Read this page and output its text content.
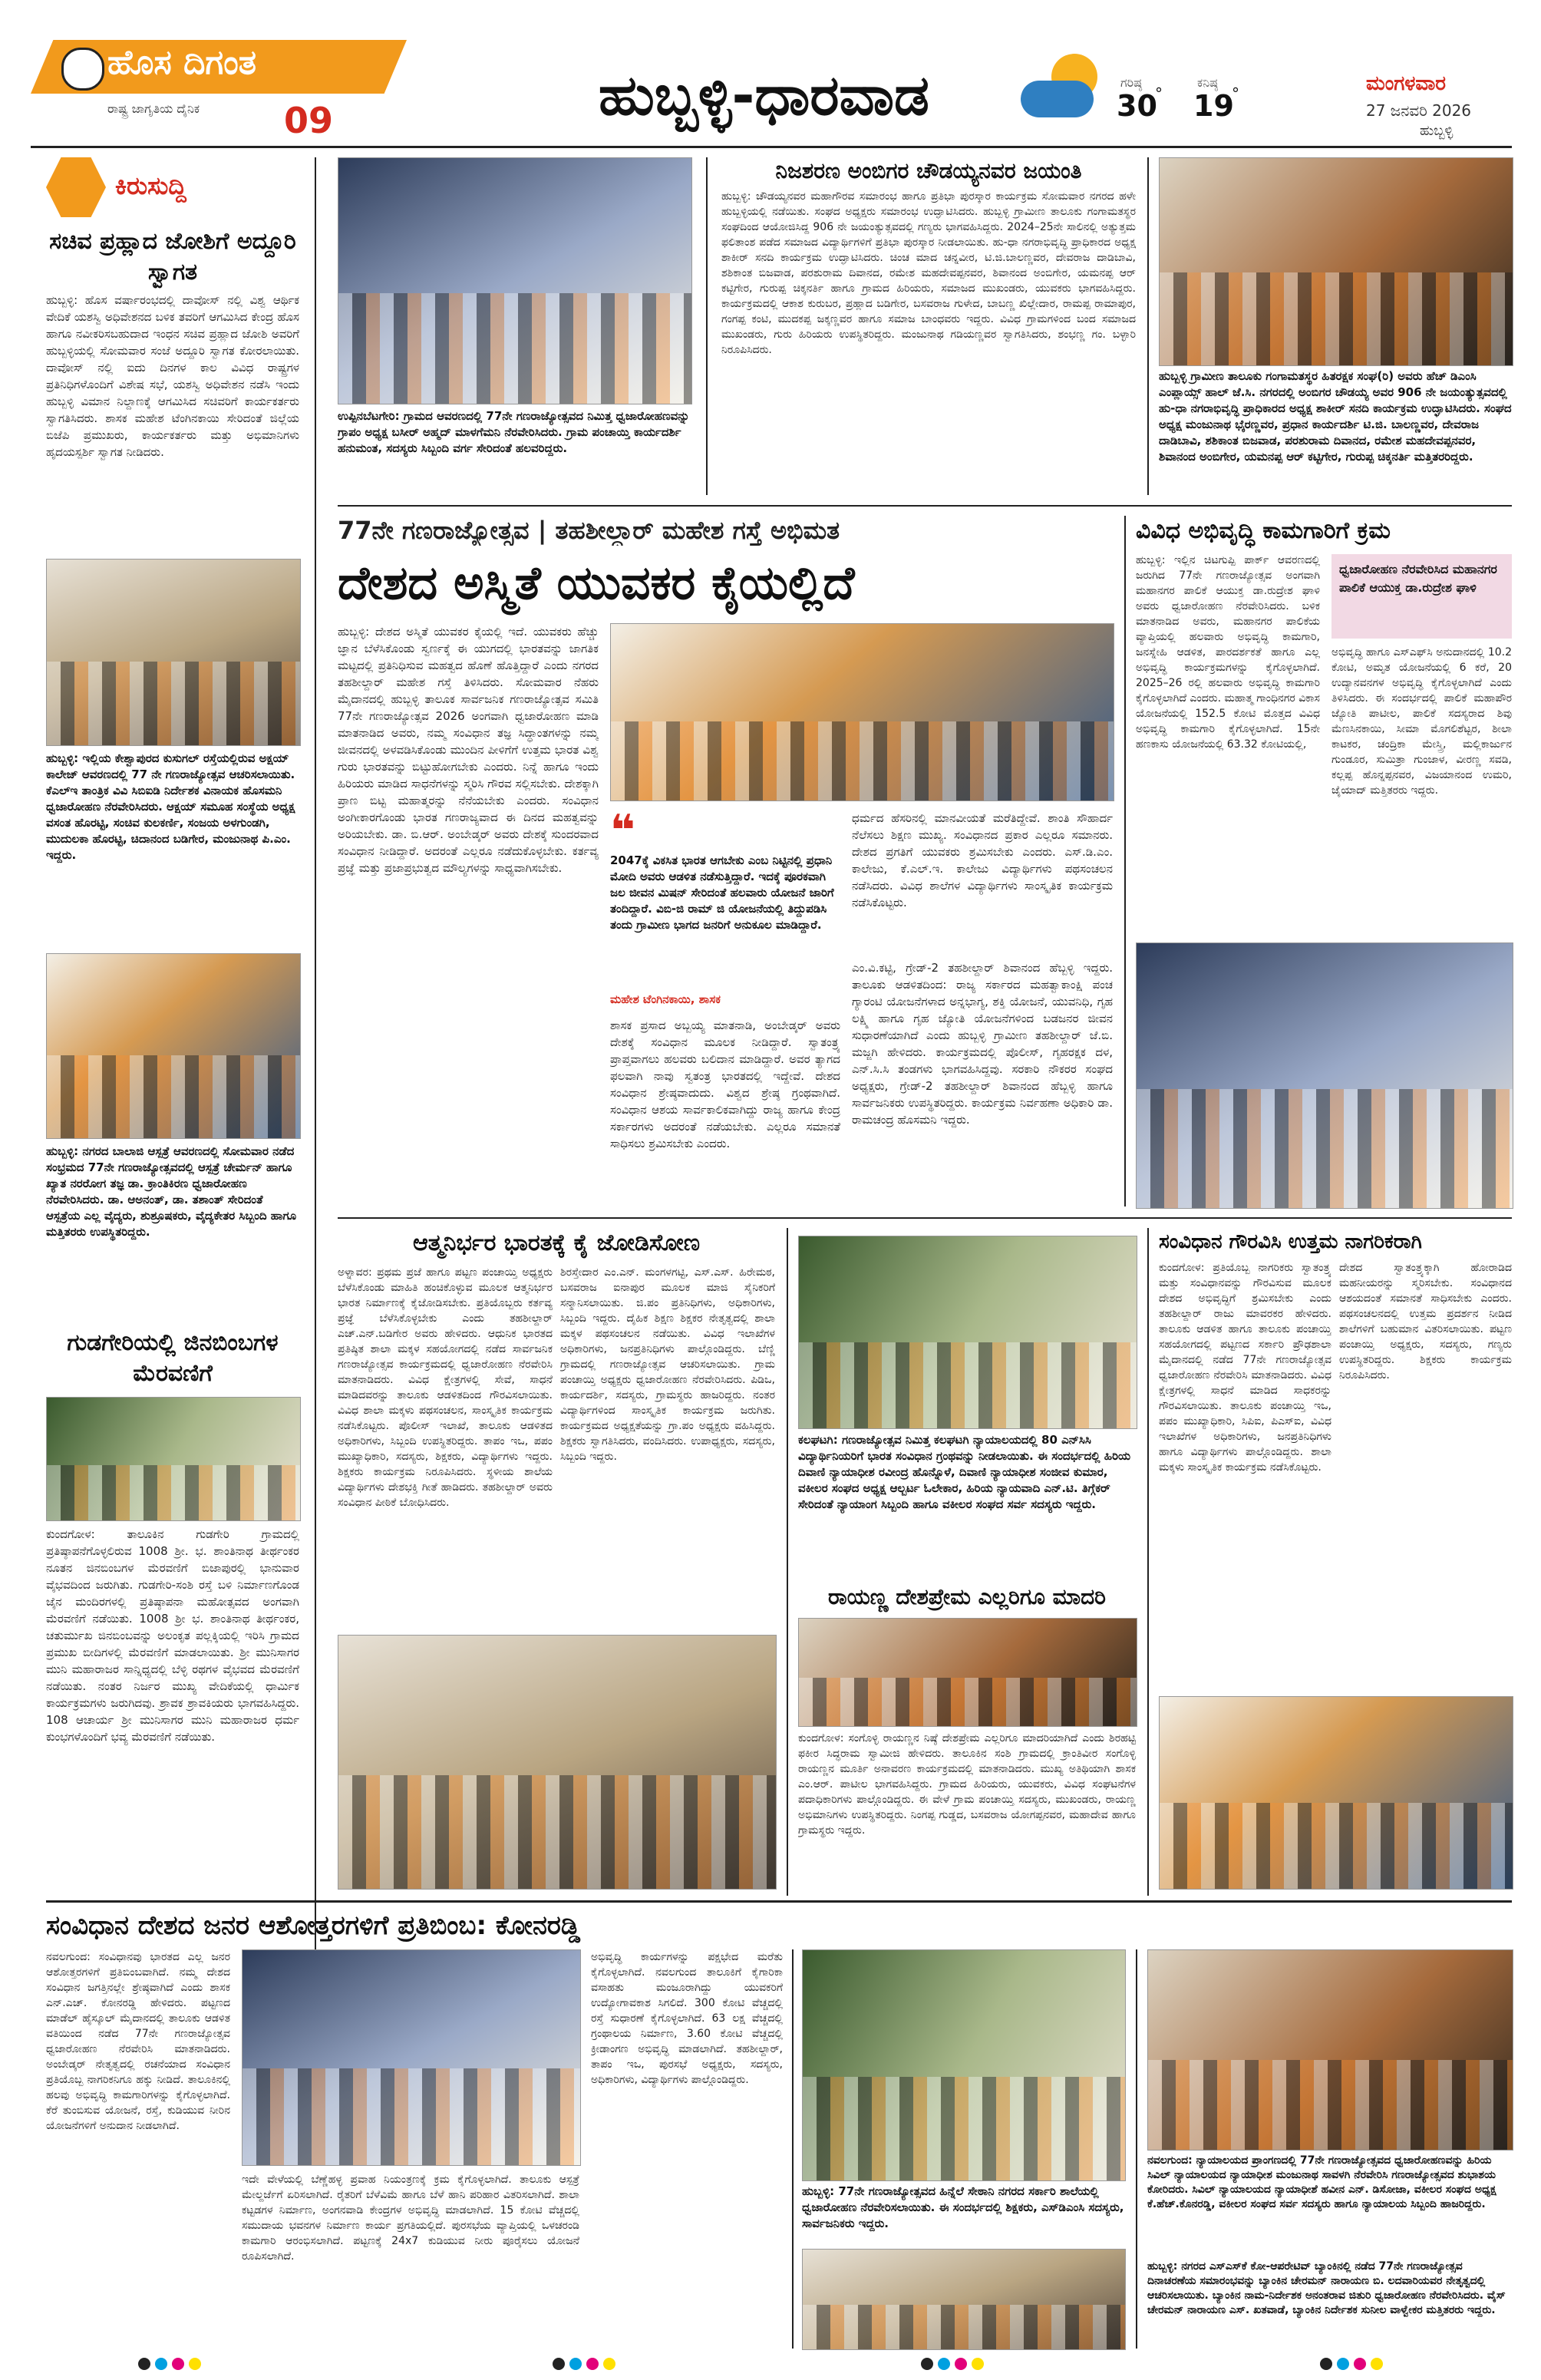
ಹೊಸ ದಿಗಂತ
ರಾಷ್ಟ್ರ ಜಾಗೃತಿಯ ದೈನಿಕ 09	ಹುಬ್ಬಳ್ಳಿ-ಧಾರವಾಡ	ಗರಿಷ್ಠ
30
°
ಕನಿಷ್ಠ
19
°	ಮಂಗಳವಾರ
27 ಜನವರಿ 2026
ಹುಬ್ಬಳ್ಳಿ
ಕಿರುಸುದ್ದಿ
ಸಚಿವ ಪ್ರಹ್ಲಾದ ಜೋಶಿಗೆ ಅದ್ದೂರಿ ಸ್ವಾಗತ
ಹುಬ್ಬಳ್ಳಿ: ಹೊಸ ವರ್ಷಾರಂಭದಲ್ಲಿ ದಾವೋಸ್ ನಲ್ಲಿ ವಿಶ್ವ ಆರ್ಥಿಕ ವೇದಿಕೆ ಯಶಸ್ವಿ ಅಧಿವೇಶನದ ಬಳಿಕ ತವರಿಗೆ ಆಗಮಿಸಿದ ಕೇಂದ್ರ ಹೊಸ ಹಾಗೂ ನವೀಕರಿಸಬಹುದಾದ ಇಂಧನ ಸಚಿವ ಪ್ರಹ್ಲಾದ ಜೋಶಿ ಅವರಿಗೆ ಹುಬ್ಬಳ್ಳಿಯಲ್ಲಿ ಸೋಮವಾರ ಸಂಜೆ ಅದ್ದೂರಿ ಸ್ವಾಗತ ಕೋರಲಾಯಿತು. ದಾವೋಸ್ ನಲ್ಲಿ ಐದು ದಿನಗಳ ಕಾಲ ವಿವಿಧ ರಾಷ್ಟ್ರಗಳ ಪ್ರತಿನಿಧಿಗಳೊಂದಿಗೆ ವಿಶೇಷ ಸಭೆ, ಯಶಸ್ವಿ ಅಧಿವೇಶನ ನಡೆಸಿ ಇಂದು ಹುಬ್ಬಳ್ಳಿ ವಿಮಾನ ನಿಲ್ದಾಣಕ್ಕೆ ಆಗಮಿಸಿದ ಸಚಿವರಿಗೆ ಕಾರ್ಯಕರ್ತರು ಸ್ವಾಗತಿಸಿದರು. ಶಾಸಕ ಮಹೇಶ ಟೆಂಗಿನಕಾಯಿ ಸೇರಿದಂತೆ ಜಿಲ್ಲೆಯ ಬಿಜೆಪಿ ಪ್ರಮುಖರು, ಕಾರ್ಯಕರ್ತರು ಮತ್ತು ಅಭಿಮಾನಿಗಳು ಹೃದಯಸ್ಪರ್ಶಿ ಸ್ವಾಗತ ನೀಡಿದರು.
ಹುಬ್ಬಳ್ಳಿ: ಇಲ್ಲಿಯ ಕೇಶ್ವಾಪುರದ ಕುಸುಗಲ್ ರಸ್ತೆಯಲ್ಲಿರುವ ಅಕ್ಷಯ್ ಕಾಲೇಜ್ ಆವರಣದಲ್ಲಿ 77 ನೇ ಗಣರಾಜ್ಯೋತ್ಸವ ಆಚರಿಸಲಾಯಿತು. ಕೆಎಲ್ಇ ತಾಂತ್ರಿಕ ವಿವಿ ಸಿಬಿಐಡಿ ನಿರ್ದೇಶಕ ವಿನಾಯಕ ಹೊಸಮನಿ ಧ್ವಜಾರೋಹಣ ನೆರವೇರಿಸಿದರು. ಆಕ್ಷಯ್ ಸಮೂಹ ಸಂಸ್ಥೆಯ ಅಧ್ಯಕ್ಷ ವಸಂತ ಹೊರಟ್ಟಿ, ಸಂಚಿವ ಕುಲಕರ್ಣಿ, ಸಂಜಯ ಅಳಗುಂಡಗಿ, ಮುದುಲಕಾ ಹೊರಟ್ಟಿ, ಚಿದಾನಂದ ಬಡಿಗೇರ, ಮಂಜುನಾಥ ಪಿ.ಎಂ. ಇದ್ದರು.
ಹುಬ್ಬಳ್ಳಿ: ನಗರದ ಬಾಲಾಜಿ ಆಸ್ಪತ್ರೆ ಆವರಣದಲ್ಲಿ ಸೋಮವಾರ ನಡೆದ ಸಂಭ್ರಮದ 77ನೇ ಗಣರಾಜ್ಯೋತ್ಸವದಲ್ಲಿ ಆಸ್ಪತ್ರೆ ಚೇರ್ಮನ್ ಹಾಗೂ ಖ್ಯಾತ ನರರೋಗ ತಜ್ಞ ಡಾ. ಕ್ರಾಂತಿಕಿರಣ ಧ್ವಜಾರೋಹಣ ನೆರವೇರಿಸಿದರು. ಡಾ. ಆಅನಂತ್, ಡಾ. ತಶಾಂತ್ ಸೇರಿದಂತೆ ಆಸ್ಪತ್ರೆಯ ಎಲ್ಲ ವೈದ್ಯರು, ಶುಶ್ರೂಷಕರು, ವೈದ್ಯಕೇತರ ಸಿಬ್ಬಂದಿ ಹಾಗೂ ಮತ್ತಿತರರು ಉಪಸ್ಥಿತರಿದ್ದರು.
ಗುಡಗೇರಿಯಲ್ಲಿ ಜಿನಬಿಂಬಗಳ ಮೆರವಣಿಗೆ
ಕುಂದಗೋಳ: ತಾಲೂಕಿನ ಗುಡಗೇರಿ ಗ್ರಾಮದಲ್ಲಿ ಪ್ರತಿಷ್ಠಾಪನೆಗೊಳ್ಳಲಿರುವ 1008 ಶ್ರೀ. ಭ. ಶಾಂತಿನಾಥ ತೀರ್ಥಂಕರ ನೂತನ ಜಿನಬಿಂಬಗಳ ಮೆರವಣಿಗೆ ಬಿಜಾಪುರಲ್ಲಿ ಭಾನುವಾರ ವೈಭವದಿಂದ ಜರುಗಿತು. ಗುಡಗೇರಿ-ಸಂಶಿ ರಸ್ತೆ ಬಳಿ ನಿರ್ಮಾಣಗೊಂಡ ಜೈನ ಮಂದಿರಗಳಲ್ಲಿ ಪ್ರತಿಷ್ಠಾಪನಾ ಮಹೋತ್ಸವದ ಅಂಗವಾಗಿ ಮೆರವಣಿಗೆ ನಡೆಯಿತು. 1008 ಶ್ರೀ ಭ. ಶಾಂತಿನಾಥ ತೀರ್ಥಂಕರ, ಚತುರ್ಮುಖ ಜಿನಬಿಂಬವನ್ನು ಅಲಂಕೃತ ಪಲ್ಲಕ್ಕಿಯಲ್ಲಿ ಇರಿಸಿ ಗ್ರಾಮದ ಪ್ರಮುಖ ಬೀದಿಗಳಲ್ಲಿ ಮೆರವಣಿಗೆ ಮಾಡಲಾಯಿತು. ಶ್ರೀ ಮುನಿಸಾಗರ ಮುನಿ ಮಹಾರಾಜರ ಸಾನ್ನಿಧ್ಯದಲ್ಲಿ ಬೆಳ್ಳಿ ರಥಗಳ ವೈಭವದ ಮೆರವಣಿಗೆ ನಡೆಯಿತು. ನಂತರ ನಿರ್ಜರ ಮುಖ್ಯ ವೇದಿಕೆಯಲ್ಲಿ ಧಾರ್ಮಿಕ ಕಾರ್ಯಕ್ರಮಗಳು ಜರುಗಿದವು. ಶ್ರಾವಕ ಶ್ರಾವಕಿಯರು ಭಾಗವಹಿಸಿದ್ದರು. 108 ಆಚಾರ್ಯ ಶ್ರೀ ಮುನಿಸಾಗರ ಮುನಿ ಮಹಾರಾಜರ ಧರ್ಮ ಕುಂಭಗಳೊಂದಿಗೆ ಭವ್ಯ ಮೆರವಣಿಗೆ ನಡೆಯಿತು.
ಉಪ್ಪಿನಬೆಟಗೇರಿ: ಗ್ರಾಮದ ಆವರಣದಲ್ಲಿ 77ನೇ ಗಣರಾಜ್ಯೋತ್ಸವದ ನಿಮಿತ್ತ ಧ್ವಜಾರೋಹಣವನ್ನು ಗ್ರಾಪಂ ಅಧ್ಯಕ್ಷ ಬಸೀರ್ ಅಹ್ಮದ್ ಮಾಳಗೆಮನಿ ನೆರವೇರಿಸಿದರು. ಗ್ರಾಮ ಪಂಚಾಯ್ತಿ ಕಾರ್ಯದರ್ಶಿ ಹನುಮಂತ, ಸದಸ್ಯರು ಸಿಬ್ಬಂದಿ ವರ್ಗ ಸೇರಿದಂತೆ ಹಲವರಿದ್ದರು.
ನಿಜಶರಣ ಅಂಬಿಗರ ಚೌಡಯ್ಯನವರ ಜಯಂತಿ
ಹುಬ್ಬಳ್ಳಿ: ಚೌಡಯ್ಯನವರ ಮಹಾಗೌರವ ಸಮಾರಂಭ ಹಾಗೂ ಪ್ರತಿಭಾ ಪುರಸ್ಕಾರ ಕಾರ್ಯಕ್ರಮ ಸೋಮವಾರ ನಗರದ ಹಳೇ ಹುಬ್ಬಳ್ಳಿಯಲ್ಲಿ ನಡೆಯಿತು. ಸಂಘದ ಅಧ್ಯಕ್ಷರು ಸಮಾರಂಭ ಉದ್ಘಾಟಿಸಿದರು. ಹುಬ್ಬಳ್ಳಿ ಗ್ರಾಮೀಣ ತಾಲೂಕು ಗಂಗಾಮತಸ್ಥರ ಸಂಘದಿಂದ ಆಯೋಜಿಸಿದ್ದ 906 ನೇ ಜಯಂತ್ಯುತ್ಸವದಲ್ಲಿ ಗಣ್ಯರು ಭಾಗವಹಿಸಿದ್ದರು. 2024–25ನೇ ಸಾಲಿನಲ್ಲಿ ಅತ್ಯುತ್ತಮ ಫಲಿತಾಂಶ ಪಡೆದ ಸಮಾಜದ ವಿದ್ಯಾರ್ಥಿಗಳಿಗೆ ಪ್ರತಿಭಾ ಪುರಸ್ಕಾರ ನೀಡಲಾಯಿತು. ಹು-ಧಾ ನಗರಾಭಿವೃದ್ಧಿ ಪ್ರಾಧಿಕಾರದ ಅಧ್ಯಕ್ಷ ಶಾಕೀರ್ ಸನದಿ ಕಾರ್ಯಕ್ರಮ ಉದ್ಘಾಟಿಸಿದರು. ಚಿಂಚ ಮಾದ ಚನ್ನವೀರ, ಟಿ.ಜಿ.ಬಾಲಣ್ಣವರ, ದೇವರಾಜ ದಾಡಿಬಾವಿ, ಶಶಿಕಾಂತ ಬಿಜವಾಡ, ಪರಶುರಾಮ ದಿವಾನದ, ರಮೇಶ ಮಹದೇವಪ್ಪನವರ, ಶಿವಾನಂದ ಅಂಬಿಗೇರ, ಯಮನಪ್ಪ ಆರ್ ಕಟ್ಟಿಗೇರ, ಗುರುಪ್ಪ ಚಿಕ್ಕನರ್ತಿ ಹಾಗೂ ಗ್ರಾಮದ ಹಿರಿಯರು, ಸಮಾಜದ ಮುಖಂಡರು, ಯುವಕರು ಭಾಗವಹಿಸಿದ್ದರು. ಕಾರ್ಯಕ್ರಮದಲ್ಲಿ ಆಕಾಶ ಕುರುಬರ, ಪ್ರಹ್ಲಾದ ಬಡಿಗೇರ, ಬಸವರಾಜ ಗುಳೇದ, ಬಾಬಣ್ಣ ಖಿಲ್ಲೇದಾರ, ರಾಮಪ್ಪ ರಾಮಾಪುರ, ಗಂಗಪ್ಪ ಕಂಟಿ, ಮುದಕಪ್ಪ ಜಕ್ಕಣ್ಣವರ ಹಾಗೂ ಸಮಾಜ ಬಾಂಧವರು ಇದ್ದರು. ವಿವಿಧ ಗ್ರಾಮಗಳಿಂದ ಬಂದ ಸಮಾಜದ ಮುಖಂಡರು, ಗುರು ಹಿರಿಯರು ಉಪಸ್ಥಿತರಿದ್ದರು. ಮಂಜುನಾಥ ಗಡಿಯಣ್ಣವರ ಸ್ವಾಗತಿಸಿದರು, ಶಂಭಣ್ಣ ಗಂ. ಬಳ್ಳಾರಿ ನಿರೂಪಿಸಿದರು.
ಹುಬ್ಬಳ್ಳಿ ಗ್ರಾಮೀಣ ತಾಲೂಕು ಗಂಗಾಮತಸ್ಥರ ಹಿತರಕ್ಷಕ ಸಂಘ(ರಿ) ಅವರು ಹೆಚ್ ಡಿಎಂಸಿ ಎಂಪ್ಲಾಯ್ಸ್ ಹಾಲ್ ಜೆ.ಸಿ. ನಗರದಲ್ಲಿ ಅಂಬಿಗರ ಚೌಡಯ್ಯ ಅವರ 906 ನೇ ಜಯಂತ್ಯುತ್ಸವದಲ್ಲಿ ಹು-ಧಾ ನಗರಾಭಿವೃದ್ಧಿ ಪ್ರಾಧಿಕಾರದ ಅಧ್ಯಕ್ಷ ಶಾಕೀರ್ ಸನದಿ ಕಾರ್ಯಕ್ರಮ ಉದ್ಘಾಟಿಸಿದರು. ಸಂಘದ ಅಧ್ಯಕ್ಷ ಮಂಜುನಾಥ ಭೈರಣ್ಣವರ, ಪ್ರಧಾನ ಕಾರ್ಯದರ್ಶಿ ಟಿ.ಜಿ. ಬಾಲಣ್ಣವರ, ದೇವರಾಜ ದಾಡಿಬಾವಿ, ಶಶಿಕಾಂತ ಬಿಜವಾಡ, ಪರಶುರಾಮ ದಿವಾನದ, ರಮೇಶ ಮಹದೇವಪ್ಪನವರ, ಶಿವಾನಂದ ಅಂಬಿಗೇರ, ಯಮನಪ್ಪ ಆರ್ ಕಟ್ಟಿಗೇರ, ಗುರುಪ್ಪ ಚಿಕ್ಕನರ್ತಿ ಮತ್ತಿತರರಿದ್ದರು.
77ನೇ ಗಣರಾಜ್ಯೋತ್ಸವ | ತಹಶೀಲ್ದಾರ್ ಮಹೇಶ ಗಸ್ತೆ ಅಭಿಮತ
ದೇಶದ ಅಸ್ಮಿತೆ ಯುವಕರ ಕೈಯಲ್ಲಿದೆ
ಹುಬ್ಬಳ್ಳಿ: ದೇಶದ ಅಸ್ಮಿತೆ ಯುವಕರ ಕೈಯಲ್ಲಿ ಇದೆ. ಯುವಕರು ಹೆಚ್ಚು ಜ್ಞಾನ ಬೆಳೆಸಿಕೊಂಡು ಸ್ವರ್ಣಕ್ಕೆ ಈ ಯುಗದಲ್ಲಿ ಭಾರತವನ್ನು ಜಾಗತಿಕ ಮಟ್ಟದಲ್ಲಿ ಪ್ರತಿನಿಧಿಸುವ ಮಹತ್ವದ ಹೊಣೆ ಹೊತ್ತಿದ್ದಾರೆ ಎಂದು ನಗರದ ತಹಶೀಲ್ದಾರ್ ಮಹೇಶ ಗಸ್ತೆ ತಿಳಿಸಿದರು. ಸೋಮವಾರ ನೆಹರು ಮೈದಾನದಲ್ಲಿ ಹುಬ್ಬಳ್ಳಿ ತಾಲೂಕ ಸಾರ್ವಜನಿಕ ಗಣರಾಜ್ಯೋತ್ಸವ ಸಮಿತಿ 77ನೇ ಗಣರಾಜ್ಯೋತ್ಸವ 2026 ಅಂಗವಾಗಿ ಧ್ವಜಾರೋಹಣ ಮಾಡಿ ಮಾತನಾಡಿದ ಅವರು, ನಮ್ಮ ಸಂವಿಧಾನ ತಜ್ಞ ಸಿದ್ಧಾಂತಗಳನ್ನು ನಮ್ಮ ಜೀವನದಲ್ಲಿ ಅಳವಡಿಸಿಕೊಂಡು ಮುಂದಿನ ಪೀಳಿಗೆಗೆ ಉತ್ತಮ ಭಾರತ ವಿಶ್ವ ಗುರು ಭಾರತವನ್ನು ಬಿಟ್ಟುಹೋಗಬೇಕು ಎಂದರು. ನಿನ್ನೆ ಹಾಗೂ ಇಂದು ಹಿರಿಯರು ಮಾಡಿದ ಸಾಧನೆಗಳನ್ನು ಸ್ಮರಿಸಿ ಗೌರವ ಸಲ್ಲಿಸಬೇಕು. ದೇಶಕ್ಕಾಗಿ ಪ್ರಾಣ ಬಿಟ್ಟ ಮಹಾತ್ಮರನ್ನು ನೆನೆಯಬೇಕು ಎಂದರು. ಸಂವಿಧಾನ ಅಂಗೀಕಾರಗೊಂಡು ಭಾರತ ಗಣರಾಜ್ಯವಾದ ಈ ದಿನದ ಮಹತ್ವವನ್ನು ಅರಿಯಬೇಕು. ಡಾ. ಬಿ.ಆರ್. ಅಂಬೇಡ್ಕರ್ ಅವರು ದೇಶಕ್ಕೆ ಸುಂದರವಾದ ಸಂವಿಧಾನ ನೀಡಿದ್ದಾರೆ. ಅದರಂತೆ ಎಲ್ಲರೂ ನಡೆದುಕೊಳ್ಳಬೇಕು. ಕರ್ತವ್ಯ ಪ್ರಜ್ಞೆ ಮತ್ತು ಪ್ರಜಾಪ್ರಭುತ್ವದ ಮೌಲ್ಯಗಳನ್ನು ಸಾಧ್ಯವಾಗಿಸಬೇಕು.
❝
2047ಕ್ಕೆ ವಿಕಸಿತ ಭಾರತ ಆಗಬೇಕು ಎಂಬ ನಿಟ್ಟಿನಲ್ಲಿ ಪ್ರಧಾನಿ ಮೋದಿ ಅವರು ಆಡಳಿತ ನಡೆಸುತ್ತಿದ್ದಾರೆ. ಇದಕ್ಕೆ ಪೂರಕವಾಗಿ ಜಲ ಜೀವನ ಮಿಷನ್ ಸೇರಿದಂತೆ ಹಲವಾರು ಯೋಜನೆ ಜಾರಿಗೆ ತಂದಿದ್ದಾರೆ. ವಿಬಿ-ಜಿ ರಾಮ್ ಜಿ ಯೋಜನೆಯಲ್ಲಿ ತಿದ್ದುಪಡಿಸಿ ತಂದು ಗ್ರಾಮೀಣ ಭಾಗದ ಜನರಿಗೆ ಅನುಕೂಲ ಮಾಡಿದ್ದಾರೆ.
ಮಹೇಶ ಟೆಂಗಿನಕಾಯಿ, ಶಾಸಕ
ಶಾಸಕ ಪ್ರಸಾದ ಅಬ್ಬಯ್ಯ ಮಾತನಾಡಿ, ಅಂಬೇಡ್ಕರ್ ಅವರು ದೇಶಕ್ಕೆ ಸಂವಿಧಾನ ಮೂಲಕ ನೀಡಿದ್ದಾರೆ. ಸ್ವಾತಂತ್ರ್ಯ ಪ್ರಾಪ್ತವಾಗಲು ಹಲವರು ಬಲಿದಾನ ಮಾಡಿದ್ದಾರೆ. ಅವರ ತ್ಯಾಗದ ಫಲವಾಗಿ ನಾವು ಸ್ವತಂತ್ರ ಭಾರತದಲ್ಲಿ ಇದ್ದೇವೆ. ದೇಶದ ಸಂವಿಧಾನ ಶ್ರೇಷ್ಠವಾದುದು. ವಿಶ್ವದ ಶ್ರೇಷ್ಠ ಗ್ರಂಥವಾಗಿದೆ. ಸಂವಿಧಾನ ಆಶಯ ಸಾರ್ವಕಾಲಿಕವಾಗಿದ್ದು ರಾಜ್ಯ ಹಾಗೂ ಕೇಂದ್ರ ಸರ್ಕಾರಗಳು ಅದರಂತೆ ನಡೆಯಬೇಕು. ಎಲ್ಲರೂ ಸಮಾನತೆ ಸಾಧಿಸಲು ಶ್ರಮಿಸಬೇಕು ಎಂದರು.
ಧರ್ಮದ ಹೆಸರಿನಲ್ಲಿ ಮಾನವೀಯತೆ ಮರೆತಿದ್ದೇವೆ. ಶಾಂತಿ ಸೌಹಾರ್ದ ನೆಲೆಸಲು ಶಿಕ್ಷಣ ಮುಖ್ಯ. ಸಂವಿಧಾನದ ಪ್ರಕಾರ ಎಲ್ಲರೂ ಸಮಾನರು. ದೇಶದ ಪ್ರಗತಿಗೆ ಯುವಕರು ಶ್ರಮಿಸಬೇಕು ಎಂದರು. ಎಸ್.ಡಿ.ಎಂ. ಕಾಲೇಜು, ಕೆ.ಎಲ್.ಇ. ಕಾಲೇಜು ವಿದ್ಯಾರ್ಥಿಗಳು ಪಥಸಂಚಲನ ನಡೆಸಿದರು. ವಿವಿಧ ಶಾಲೆಗಳ ವಿದ್ಯಾರ್ಥಿಗಳು ಸಾಂಸ್ಕೃತಿಕ ಕಾರ್ಯಕ್ರಮ ನಡೆಸಿಕೊಟ್ಟರು.
ಎಂ.ವಿ.ಕಟ್ಟಿ, ಗ್ರೇಡ್-2 ತಹಶೀಲ್ದಾರ್ ಶಿವಾನಂದ ಹೆಬ್ಬಳ್ಳಿ ಇದ್ದರು. ತಾಲೂಕು ಆಡಳಿತದಿಂದ: ರಾಜ್ಯ ಸರ್ಕಾರದ ಮಹತ್ವಾಕಾಂಕ್ಷಿ ಪಂಚ ಗ್ಯಾರಂಟಿ ಯೋಜನೆಗಳಾದ ಅನ್ನಭಾಗ್ಯ, ಶಕ್ತಿ ಯೋಜನೆ, ಯುವನಿಧಿ, ಗೃಹ ಲಕ್ಷ್ಮಿ ಹಾಗೂ ಗೃಹ ಜ್ಯೋತಿ ಯೋಜನೆಗಳಿಂದ ಬಡಜನರ ಜೀವನ ಸುಧಾರಣೆಯಾಗಿದೆ ಎಂದು ಹುಬ್ಬಳ್ಳಿ ಗ್ರಾಮೀಣ ತಹಶೀಲ್ದಾರ್ ಜೆ.ಬಿ. ಮಜ್ಜಗಿ ಹೇಳಿದರು. ಕಾರ್ಯಕ್ರಮದಲ್ಲಿ ಪೊಲೀಸ್, ಗೃಹರಕ್ಷಕ ದಳ, ಎನ್.ಸಿ.ಸಿ ತಂಡಗಳು ಭಾಗವಹಿಸಿದ್ದವು. ಸರಕಾರಿ ನೌಕರರ ಸಂಘದ ಅಧ್ಯಕ್ಷರು, ಗ್ರೇಡ್-2 ತಹಶೀಲ್ದಾರ್ ಶಿವಾನಂದ ಹೆಬ್ಬಳ್ಳಿ ಹಾಗೂ ಸಾರ್ವಜನಿಕರು ಉಪಸ್ಥಿತರಿದ್ದರು. ಕಾರ್ಯಕ್ರಮ ನಿರ್ವಹಣಾ ಅಧಿಕಾರಿ ಡಾ. ರಾಮಚಂದ್ರ ಹೊಸಮನಿ ಇದ್ದರು.
ವಿವಿಧ ಅಭಿವೃದ್ಧಿ ಕಾಮಗಾರಿಗೆ ಕ್ರಮ
ಹುಬ್ಬಳ್ಳಿ: ಇಲ್ಲಿನ ಚಿಟಗುಪ್ಪಿ ಪಾರ್ಕ್ ಆವರಣದಲ್ಲಿ ಜರುಗಿದ 77ನೇ ಗಣರಾಜ್ಯೋತ್ಸವ ಅಂಗವಾಗಿ ಮಹಾನಗರ ಪಾಲಿಕೆ ಆಯುಕ್ತ ಡಾ.ರುದ್ರೇಶ ಘಾಳಿ ಅವರು ಧ್ವಜಾರೋಹಣ ನೆರವೇರಿಸಿದರು. ಬಳಿಕ ಮಾತನಾಡಿದ ಅವರು, ಮಹಾನಗರ ಪಾಲಿಕೆಯ ವ್ಯಾಪ್ತಿಯಲ್ಲಿ ಹಲವಾರು ಅಭಿವೃದ್ಧಿ ಕಾಮಗಾರಿ, ಜನಸ್ನೇಹಿ ಆಡಳಿತ, ಪಾರದರ್ಶಕತೆ ಹಾಗೂ ಎಲ್ಲ ಅಭಿವೃದ್ಧಿ ಕಾರ್ಯಕ್ರಮಗಳನ್ನು ಕೈಗೊಳ್ಳಲಾಗಿದೆ. 2025–26 ರಲ್ಲಿ ಹಲವಾರು ಅಭಿವೃದ್ಧಿ ಕಾಮಗಾರಿ ಕೈಗೊಳ್ಳಲಾಗಿದೆ ಎಂದರು. ಮಹಾತ್ಮ ಗಾಂಧಿನಗರ ವಿಕಾಸ ಯೋಜನೆಯಲ್ಲಿ 152.5 ಕೋಟಿ ಮೊತ್ತದ ವಿವಿಧ ಅಭಿವೃದ್ಧಿ ಕಾಮಗಾರಿ ಕೈಗೊಳ್ಳಲಾಗಿದೆ. 15ನೇ ಹಣಕಾಸು ಯೋಜನೆಯಲ್ಲಿ 63.32 ಕೋಟಿಯಲ್ಲಿ,
ಧ್ವಜಾರೋಹಣ ನೆರವೇರಿಸಿದ ಮಹಾನಗರ ಪಾಲಿಕೆ ಆಯುಕ್ತ ಡಾ.ರುದ್ರೇಶ ಘಾಳಿ
ಅಭಿವೃದ್ಧಿ ಹಾಗೂ ಎಸ್ಎಫ್‌ಸಿ ಅನುದಾನದಲ್ಲಿ 10.2 ಕೋಟಿ, ಅಮೃತ ಯೋಜನೆಯಲ್ಲಿ 6 ಕರೆ, 20 ಉದ್ಯಾನವನಗಳ ಅಭಿವೃದ್ಧಿ ಕೈಗೊಳ್ಳಲಾಗಿದೆ ಎಂದು ತಿಳಿಸಿದರು. ಈ ಸಂದರ್ಭದಲ್ಲಿ ಪಾಲಿಕೆ ಮಹಾಪೌರ ಜ್ಯೋತಿ ಪಾಟೀಲ, ಪಾಲಿಕೆ ಸದಸ್ಯರಾದ ಶಿವು ಮೆಣಸಿನಕಾಯಿ, ಸೀಮಾ ಮೊಗಲಿಶೆಟ್ಟರ, ಶೀಲಾ ಕಾಟಕರ, ಚಂದ್ರಿಕಾ ಮೇಸ್ತ್ರಿ, ಮಲ್ಲಿಕಾರ್ಜುನ ಗುಂಡೂರ, ಸುಮಿತ್ರಾ ಗುಂಜಾಳ, ವೀರಣ್ಣ ಸವಡಿ, ಕಲ್ಲಪ್ಪ ಹೊನ್ನಪ್ಪನವರ, ವಿಜಯಾನಂದ ಉಮರಿ, ಜೈಯಾದ್ ಮತ್ತಿತರರು ಇದ್ದರು.
ಆತ್ಮನಿರ್ಭರ ಭಾರತಕ್ಕೆ ಕೈ ಜೋಡಿಸೋಣ
ಅಳ್ನಾವರ: ಪ್ರಥಮ ಪ್ರಜೆ ಹಾಗೂ ಪಟ್ಟಣ ಪಂಚಾಯ್ತಿ ಅಧ್ಯಕ್ಷರು ಬೆಳೆಸಿಕೊಂಡು ಮಾಹಿತಿ ಹಂಚಿಕೊಳ್ಳುವ ಮೂಲಕ ಆತ್ಮನಿರ್ಭರ ಭಾರತ ನಿರ್ಮಾಣಕ್ಕೆ ಕೈಜೋಡಿಸಬೇಕು. ಪ್ರತಿಯೊಬ್ಬರು ಕರ್ತವ್ಯ ಪ್ರಜ್ಞೆ ಬೆಳೆಸಿಕೊಳ್ಳಬೇಕು ಎಂದು ತಹಶೀಲ್ದಾರ್ ಎಚ್.ಎನ್.ಬಡಿಗೇರ ಅವರು ಹೇಳಿದರು. ಆಧುನಿಕ ಭಾರತದ ಪ್ರತಿಷ್ಠಿತ ಶಾಲಾ ಮಕ್ಕಳ ಸಹಯೋಗದಲ್ಲಿ ನಡೆದ ಸಾರ್ವಜನಿಕ ಗಣರಾಜ್ಯೋತ್ಸವ ಕಾರ್ಯಕ್ರಮದಲ್ಲಿ ಧ್ವಜಾರೋಹಣ ನೆರವೇರಿಸಿ ಮಾತನಾಡಿದರು. ವಿವಿಧ ಕ್ಷೇತ್ರಗಳಲ್ಲಿ ಸೇವೆ, ಸಾಧನೆ ಮಾಡಿದವರನ್ನು ತಾಲೂಕು ಆಡಳಿತದಿಂದ ಗೌರವಿಸಲಾಯಿತು. ವಿವಿಧ ಶಾಲಾ ಮಕ್ಕಳು ಪಥಸಂಚಲನ, ಸಾಂಸ್ಕೃತಿಕ ಕಾರ್ಯಕ್ರಮ ನಡೆಸಿಕೊಟ್ಟರು. ಪೊಲೀಸ್ ಇಲಾಖೆ, ತಾಲೂಕು ಆಡಳಿತದ ಅಧಿಕಾರಿಗಳು, ಸಿಬ್ಬಂದಿ ಉಪಸ್ಥಿತರಿದ್ದರು. ತಾಪಂ ಇಒ, ಪಪಂ ಮುಖ್ಯಾಧಿಕಾರಿ, ಸದಸ್ಯರು, ಶಿಕ್ಷಕರು, ವಿದ್ಯಾರ್ಥಿಗಳು ಇದ್ದರು. ಶಿಕ್ಷಕರು ಕಾರ್ಯಕ್ರಮ ನಿರೂಪಿಸಿದರು. ಸ್ಥಳೀಯ ಶಾಲೆಯ ವಿದ್ಯಾರ್ಥಿಗಳು ದೇಶಭಕ್ತಿ ಗೀತೆ ಹಾಡಿದರು. ತಹಶೀಲ್ದಾರ್ ಅವರು ಸಂವಿಧಾನ ಪೀಠಿಕೆ ಬೋಧಿಸಿದರು.
ಶಿರಸ್ತೇದಾರ ಎಂ.ಎನ್. ಮಂಗಳಗಟ್ಟಿ, ಎಸ್.ಎಸ್. ಹಿರೇಮಠ, ಬಸವರಾಜ ಐನಾಪುರ ಮೂಲಕ ಮಾಜಿ ಸೈನಿಕರಿಗೆ ಸನ್ಮಾನಿಸಲಾಯಿತು. ಜಿ.ಪಂ ಪ್ರತಿನಿಧಿಗಳು, ಅಧಿಕಾರಿಗಳು, ಸಿಬ್ಬಂದಿ ಇದ್ದರು. ದೈಹಿಕ ಶಿಕ್ಷಣ ಶಿಕ್ಷಕರ ನೇತೃತ್ವದಲ್ಲಿ ಶಾಲಾ ಮಕ್ಕಳ ಪಥಸಂಚಲನ ನಡೆಯಿತು. ವಿವಿಧ ಇಲಾಖೆಗಳ ಅಧಿಕಾರಿಗಳು, ಜನಪ್ರತಿನಿಧಿಗಳು ಪಾಲ್ಗೊಂಡಿದ್ದರು. ಬೆಣ್ಣಿ ಗ್ರಾಮದಲ್ಲಿ ಗಣರಾಜ್ಯೋತ್ಸವ ಆಚರಿಸಲಾಯಿತು. ಗ್ರಾಮ ಪಂಚಾಯ್ತಿ ಅಧ್ಯಕ್ಷರು ಧ್ವಜಾರೋಹಣ ನೆರವೇರಿಸಿದರು. ಪಿಡಿಒ, ಕಾರ್ಯದರ್ಶಿ, ಸದಸ್ಯರು, ಗ್ರಾಮಸ್ಥರು ಹಾಜರಿದ್ದರು. ನಂತರ ವಿದ್ಯಾರ್ಥಿಗಳಿಂದ ಸಾಂಸ್ಕೃತಿಕ ಕಾರ್ಯಕ್ರಮ ಜರುಗಿತು. ಕಾರ್ಯಕ್ರಮದ ಅಧ್ಯಕ್ಷತೆಯನ್ನು ಗ್ರಾ.ಪಂ ಅಧ್ಯಕ್ಷರು ವಹಿಸಿದ್ದರು. ಶಿಕ್ಷಕರು ಸ್ವಾಗತಿಸಿದರು, ವಂದಿಸಿದರು. ಉಪಾಧ್ಯಕ್ಷರು, ಸದಸ್ಯರು, ಸಿಬ್ಬಂದಿ ಇದ್ದರು.
ಕಲಘಟಗಿ: ಗಣರಾಜ್ಯೋತ್ಸವ ನಿಮಿತ್ತ ಕಲಘಟಗಿ ನ್ಯಾಯಾಲಯದಲ್ಲಿ 80 ಎನ್‌ಸಿಸಿ ವಿದ್ಯಾರ್ಥಿನಿಯರಿಗೆ ಭಾರತ ಸಂವಿಧಾನ ಗ್ರಂಥವನ್ನು ನೀಡಲಾಯಿತು. ಈ ಸಂದರ್ಭದಲ್ಲಿ ಹಿರಿಯ ದಿವಾಣಿ ನ್ಯಾಯಾಧೀಶ ರವೀಂದ್ರ ಹೊನ್ನೊಳೆ, ದಿವಾಣಿ ನ್ಯಾಯಾಧೀಶ ಸಂಜೀವ ಕುಮಾರ, ವಕೀಲರ ಸಂಘದ ಅಧ್ಯಕ್ಷ ಆಲ್ಬರ್ಟ ಓಲೇಕಾರ, ಹಿರಿಯ ನ್ಯಾಯವಾದಿ ಎನ್.ಟಿ. ತಿಗ್ಗೆಕರ್ ಸೇರಿದಂತೆ ನ್ಯಾಯಾಂಗ ಸಿಬ್ಬಂದಿ ಹಾಗೂ ವಕೀಲರ ಸಂಘದ ಸರ್ವ ಸದಸ್ಯರು ಇದ್ದರು.
ರಾಯಣ್ಣ ದೇಶಪ್ರೇಮ ಎಲ್ಲರಿಗೂ ಮಾದರಿ
ಕುಂದಗೋಳ: ಸಂಗೊಳ್ಳಿ ರಾಯಣ್ಣನ ನಿಷ್ಠೆ ದೇಶಪ್ರೇಮ ಎಲ್ಲರಿಗೂ ಮಾದರಿಯಾಗಿದೆ ಎಂದು ಶಿರಹಟ್ಟಿ ಫಕೀರ ಸಿದ್ಧರಾಮ ಸ್ವಾಮೀಜಿ ಹೇಳಿದರು. ತಾಲೂಕಿನ ಸಂಶಿ ಗ್ರಾಮದಲ್ಲಿ ಕ್ರಾಂತಿವೀರ ಸಂಗೊಳ್ಳಿ ರಾಯಣ್ಣನ ಮೂರ್ತಿ ಅನಾವರಣ ಕಾರ್ಯಕ್ರಮದಲ್ಲಿ ಮಾತನಾಡಿದರು. ಮುಖ್ಯ ಅತಿಥಿಯಾಗಿ ಶಾಸಕ ಎಂ.ಆರ್. ಪಾಟೀಲ ಭಾಗವಹಿಸಿದ್ದರು. ಗ್ರಾಮದ ಹಿರಿಯರು, ಯುವಕರು, ವಿವಿಧ ಸಂಘಟನೆಗಳ ಪದಾಧಿಕಾರಿಗಳು ಪಾಲ್ಗೊಂಡಿದ್ದರು. ಈ ವೇಳೆ ಗ್ರಾಮ ಪಂಚಾಯ್ತಿ ಸದಸ್ಯರು, ಮುಖಂಡರು, ರಾಯಣ್ಣ ಅಭಿಮಾನಿಗಳು ಉಪಸ್ಥಿತರಿದ್ದರು. ನಿಂಗಪ್ಪ ಗುಡ್ಡದ, ಬಸವರಾಜ ಯೋಗಪ್ಪನವರ, ಮಹಾದೇವ ಹಾಗೂ ಗ್ರಾಮಸ್ಥರು ಇದ್ದರು.
ಸಂವಿಧಾನ ಗೌರವಿಸಿ ಉತ್ತಮ ನಾಗರಿಕರಾಗಿ
ಕುಂದಗೋಳ: ಪ್ರತಿಯೊಬ್ಬ ನಾಗರಿಕರು ಸ್ವಾತಂತ್ರ್ಯ ಮತ್ತು ಸಂವಿಧಾನವನ್ನು ಗೌರವಿಸುವ ಮೂಲಕ ದೇಶದ ಅಭಿವೃದ್ಧಿಗೆ ಶ್ರಮಿಸಬೇಕು ಎಂದು ತಹಶೀಲ್ದಾರ್ ರಾಜು ಮಾವರಕರ ಹೇಳಿದರು. ತಾಲೂಕು ಆಡಳಿತ ಹಾಗೂ ತಾಲೂಕು ಪಂಚಾಯ್ತಿ ಸಹಯೋಗದಲ್ಲಿ ಪಟ್ಟಣದ ಸರ್ಕಾರಿ ಪ್ರೌಢಶಾಲಾ ಮೈದಾನದಲ್ಲಿ ನಡೆದ 77ನೇ ಗಣರಾಜ್ಯೋತ್ಸವ ಧ್ವಜಾರೋಹಣ ನೆರವೇರಿಸಿ ಮಾತನಾಡಿದರು. ವಿವಿಧ ಕ್ಷೇತ್ರಗಳಲ್ಲಿ ಸಾಧನೆ ಮಾಡಿದ ಸಾಧಕರನ್ನು ಗೌರವಿಸಲಾಯಿತು. ತಾಲೂಕು ಪಂಚಾಯ್ತಿ ಇಒ, ಪಪಂ ಮುಖ್ಯಾಧಿಕಾರಿ, ಸಿಪಿಐ, ಪಿಎಸ್‌ಐ, ವಿವಿಧ ಇಲಾಖೆಗಳ ಅಧಿಕಾರಿಗಳು, ಜನಪ್ರತಿನಿಧಿಗಳು ಹಾಗೂ ವಿದ್ಯಾರ್ಥಿಗಳು ಪಾಲ್ಗೊಂಡಿದ್ದರು. ಶಾಲಾ ಮಕ್ಕಳು ಸಾಂಸ್ಕೃತಿಕ ಕಾರ್ಯಕ್ರಮ ನಡೆಸಿಕೊಟ್ಟರು.
ದೇಶದ ಸ್ವಾತಂತ್ರ್ಯಕ್ಕಾಗಿ ಹೋರಾಡಿದ ಮಹನೀಯರನ್ನು ಸ್ಮರಿಸಬೇಕು. ಸಂವಿಧಾನದ ಆಶಯದಂತೆ ಸಮಾನತೆ ಸಾಧಿಸಬೇಕು ಎಂದರು. ಪಥಸಂಚಲನದಲ್ಲಿ ಉತ್ತಮ ಪ್ರದರ್ಶನ ನೀಡಿದ ಶಾಲೆಗಳಿಗೆ ಬಹುಮಾನ ವಿತರಿಸಲಾಯಿತು. ಪಟ್ಟಣ ಪಂಚಾಯ್ತಿ ಅಧ್ಯಕ್ಷರು, ಸದಸ್ಯರು, ಗಣ್ಯರು ಉಪಸ್ಥಿತರಿದ್ದರು. ಶಿಕ್ಷಕರು ಕಾರ್ಯಕ್ರಮ ನಿರೂಪಿಸಿದರು.
ಸಂವಿಧಾನ ದೇಶದ ಜನರ ಆಶೋತ್ತರಗಳಿಗೆ ಪ್ರತಿಬಿಂಬ: ಕೋನರಡ್ಡಿ
ನವಲಗುಂದ: ಸಂವಿಧಾನವು ಭಾರತದ ಎಲ್ಲ ಜನರ ಆಶೋತ್ತರಗಳಿಗೆ ಪ್ರತಿಬಿಂಬವಾಗಿದೆ. ನಮ್ಮ ದೇಶದ ಸಂವಿಧಾನ ಜಗತ್ತಿನಲ್ಲೇ ಶ್ರೇಷ್ಠವಾಗಿದೆ ಎಂದು ಶಾಸಕ ಎನ್.ಎಚ್. ಕೋನರಡ್ಡಿ ಹೇಳಿದರು. ಪಟ್ಟಣದ ಮಾಡೆಲ್ ಹೈಸ್ಕೂಲ್ ಮೈದಾನದಲ್ಲಿ ತಾಲೂಕು ಆಡಳಿತ ವತಿಯಿಂದ ನಡೆದ 77ನೇ ಗಣರಾಜ್ಯೋತ್ಸವ ಧ್ವಜಾರೋಹಣ ನೆರವೇರಿಸಿ ಮಾತನಾಡಿದರು. ಅಂಬೇಡ್ಕರ್ ನೇತೃತ್ವದಲ್ಲಿ ರಚನೆಯಾದ ಸಂವಿಧಾನ ಪ್ರತಿಯೊಬ್ಬ ನಾಗರಿಕನಿಗೂ ಹಕ್ಕು ನೀಡಿದೆ. ತಾಲೂಕಿನಲ್ಲಿ ಹಲವು ಅಭಿವೃದ್ಧಿ ಕಾಮಗಾರಿಗಳನ್ನು ಕೈಗೊಳ್ಳಲಾಗಿದೆ. ಕೆರೆ ತುಂಬಿಸುವ ಯೋಜನೆ, ರಸ್ತೆ, ಕುಡಿಯುವ ನೀರಿನ ಯೋಜನೆಗಳಿಗೆ ಅನುದಾನ ನೀಡಲಾಗಿದೆ.
ಇದೇ ವೇಳೆಯಲ್ಲಿ ಬೆಣ್ಣೆಹಳ್ಳ ಪ್ರವಾಹ ನಿಯಂತ್ರಣಕ್ಕೆ ಕ್ರಮ ಕೈಗೊಳ್ಳಲಾಗಿದೆ. ತಾಲೂಕು ಆಸ್ಪತ್ರೆ ಮೇಲ್ದರ್ಜೆಗೆ ಏರಿಸಲಾಗಿದೆ. ರೈತರಿಗೆ ಬೆಳೆವಿಮೆ ಹಾಗೂ ಬೆಳೆ ಹಾನಿ ಪರಿಹಾರ ವಿತರಿಸಲಾಗಿದೆ. ಶಾಲಾ ಕಟ್ಟಡಗಳ ನಿರ್ಮಾಣ, ಅಂಗನವಾಡಿ ಕೇಂದ್ರಗಳ ಅಭಿವೃದ್ಧಿ ಮಾಡಲಾಗಿದೆ. 15 ಕೋಟಿ ವೆಚ್ಚದಲ್ಲಿ ಸಮುದಾಯ ಭವನಗಳ ನಿರ್ಮಾಣ ಕಾರ್ಯ ಪ್ರಗತಿಯಲ್ಲಿದೆ. ಪುರಸಭೆಯ ವ್ಯಾಪ್ತಿಯಲ್ಲಿ ಒಳಚರಂಡಿ ಕಾಮಗಾರಿ ಆರಂಭಿಸಲಾಗಿದೆ. ಪಟ್ಟಣಕ್ಕೆ 24x7 ಕುಡಿಯುವ ನೀರು ಪೂರೈಸಲು ಯೋಜನೆ ರೂಪಿಸಲಾಗಿದೆ.
ಅಭಿವೃದ್ಧಿ ಕಾರ್ಯಗಳನ್ನು ಪಕ್ಷಭೇದ ಮರೆತು ಕೈಗೊಳ್ಳಲಾಗಿದೆ. ನವಲಗುಂದ ತಾಲೂಕಿಗೆ ಕೈಗಾರಿಕಾ ವಸಾಹತು ಮಂಜೂರಾಗಿದ್ದು ಯುವಕರಿಗೆ ಉದ್ಯೋಗಾವಕಾಶ ಸಿಗಲಿದೆ. 300 ಕೋಟಿ ವೆಚ್ಚದಲ್ಲಿ ರಸ್ತೆ ಸುಧಾರಣೆ ಕೈಗೊಳ್ಳಲಾಗಿದೆ. 63 ಲಕ್ಷ ವೆಚ್ಚದಲ್ಲಿ ಗ್ರಂಥಾಲಯ ನಿರ್ಮಾಣ, 3.60 ಕೋಟಿ ವೆಚ್ಚದಲ್ಲಿ ಕ್ರೀಡಾಂಗಣ ಅಭಿವೃದ್ಧಿ ಮಾಡಲಾಗಿದೆ. ತಹಶೀಲ್ದಾರ್, ತಾಪಂ ಇಒ, ಪುರಸಭೆ ಅಧ್ಯಕ್ಷರು, ಸದಸ್ಯರು, ಅಧಿಕಾರಿಗಳು, ವಿದ್ಯಾರ್ಥಿಗಳು ಪಾಲ್ಗೊಂಡಿದ್ದರು.
ಹುಬ್ಬಳ್ಳಿ: 77ನೇ ಗಣರಾಜ್ಯೋತ್ಸವದ ಹಿನ್ನೆಲೆ ಸೇಠಾನಿ ನಗರದ ಸರ್ಕಾರಿ ಶಾಲೆಯಲ್ಲಿ ಧ್ವಜಾರೋಹಣ ನೆರವೇರಿಸಲಾಯಿತು. ಈ ಸಂದರ್ಭದಲ್ಲಿ ಶಿಕ್ಷಕರು, ಎಸ್‌ಡಿಎಂಸಿ ಸದಸ್ಯರು, ಸಾರ್ವಜನಿಕರು ಇದ್ದರು.
ನವಲಗುಂದ: ನ್ಯಾಯಾಲಯದ ಪ್ರಾಂಗಣದಲ್ಲಿ 77ನೇ ಗಣರಾಜ್ಯೋತ್ಸವದ ಧ್ವಜಾರೋಹಣವನ್ನು ಹಿರಿಯ ಸಿವಿಲ್ ನ್ಯಾಯಾಲಯದ ನ್ಯಾಯಾಧೀಶ ಮಂಜುನಾಥ ಸಾವಳಗಿ ನೆರವೇರಿಸಿ ಗಣರಾಜ್ಯೋತ್ಸವದ ಶುಭಾಶಯ ಕೋರಿದರು. ಸಿವಿಲ್ ನ್ಯಾಯಾಲಯದ ನ್ಯಾಯಾಧೀಶೆ ಹವೀನ ಎನ್. ಡಿಸೋಜಾ, ವಕೀಲರ ಸಂಘದ ಅಧ್ಯಕ್ಷ ಕೆ.ಹೆಚ್.ಕೊನರಡ್ಡಿ, ವಕೀಲರ ಸಂಘದ ಸರ್ವ ಸದಸ್ಯರು ಹಾಗೂ ನ್ಯಾಯಾಲಯ ಸಿಬ್ಬಂದಿ ಹಾಜರಿದ್ದರು.
ಹುಬ್ಬಳ್ಳಿ: ನಗರದ ಎಸ್‌ಎಸ್‌ಕೆ ಕೋ-ಆಪರೇಟಿವ್ ಬ್ಯಾಂಕಿನಲ್ಲಿ ನಡೆದ 77ನೇ ಗಣರಾಜ್ಯೋತ್ಸವ ದಿನಾಚರಣೆಯ ಸಮಾರಂಭವನ್ನು ಬ್ಯಾಂಕಿನ ಚೇರಮನ್ ನಾರಾಯಣ ಬಿ. ಲದವಾರಿಯವರ ನೇತೃತ್ವದಲ್ಲಿ ಆಚರಿಸಲಾಯಿತು. ಬ್ಯಾಂಕಿನ ನಾಮ-ನಿರ್ದೇಶಕ ಅನಂತರಾವ ಜಿತುರಿ ಧ್ವಜಾರೋಹಣ ನೆರವೇರಿಸಿದರು. ವೈಸ್ ಚೇರಮನ್ ನಾರಾಯಣ ಎಸ್. ಖತವಾಡೆ, ಬ್ಯಾಂಕಿನ ನಿರ್ದೇಶಕ ಸುನೀಲ ವಾಳ್ವೇಕರ ಮತ್ತಿತರರು ಇದ್ದರು.
